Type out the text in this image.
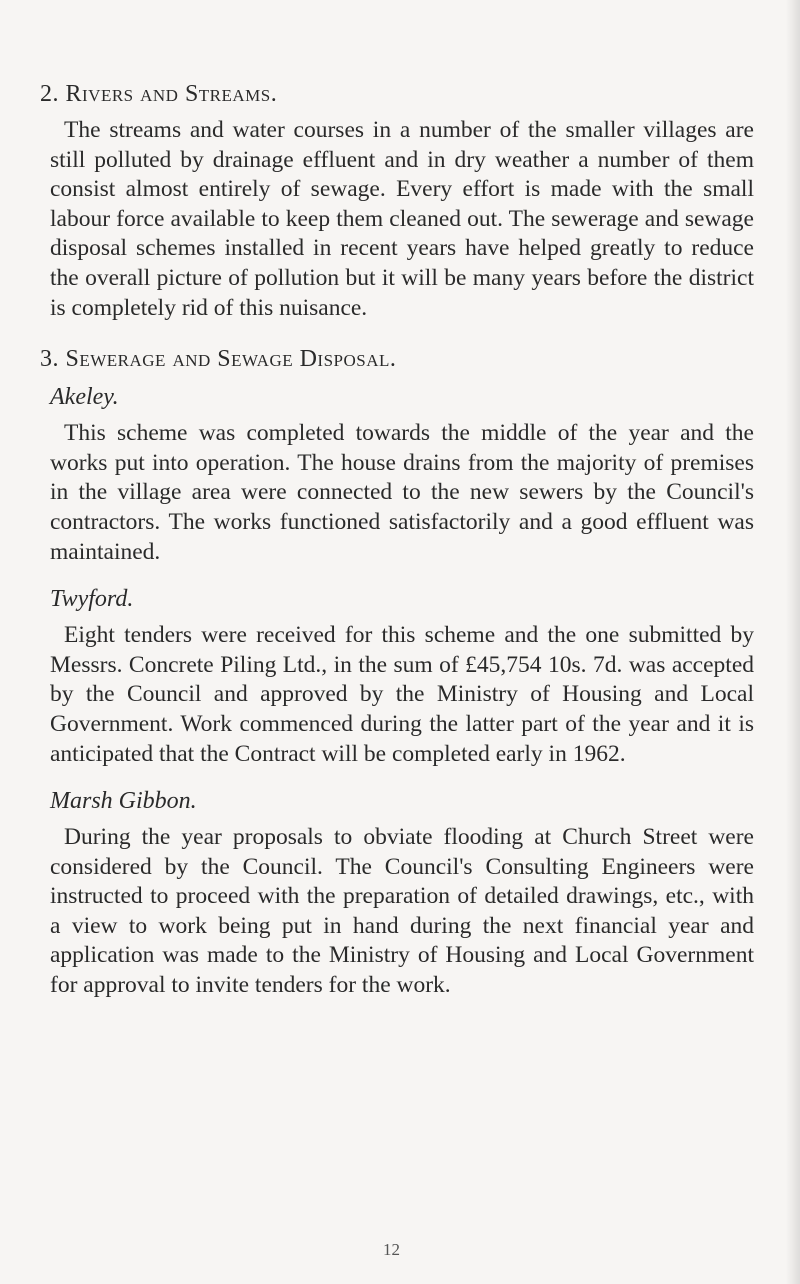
2. Rivers and Streams.

The streams and water courses in a number of the smaller villages are still polluted by drainage effluent and in dry weather a number of them consist almost entirely of sewage. Every effort is made with the small labour force available to keep them cleaned out. The sewerage and sewage disposal schemes installed in recent years have helped greatly to reduce the overall picture of pollution but it will be many years before the district is completely rid of this nuisance.

3. Sewerage and Sewage Disposal.
Akeley.

This scheme was completed towards the middle of the year and the works put into operation. The house drains from the majority of premises in the village area were connected to the new sewers by the Council's contractors. The works functioned satisfactorily and a good effluent was maintained.

Twyford.

Eight tenders were received for this scheme and the one submitted by Messrs. Concrete Piling Ltd., in the sum of £45,754 10s. 7d. was accepted by the Council and approved by the Ministry of Housing and Local Government. Work commenced during the latter part of the year and it is anticipated that the Contract will be completed early in 1962.

Marsh Gibbon.

During the year proposals to obviate flooding at Church Street were considered by the Council. The Council's Consulting Engineers were instructed to proceed with the preparation of detailed drawings, etc., with a view to work being put in hand during the next financial year and application was made to the Ministry of Housing and Local Government for approval to invite tenders for the work.

12
